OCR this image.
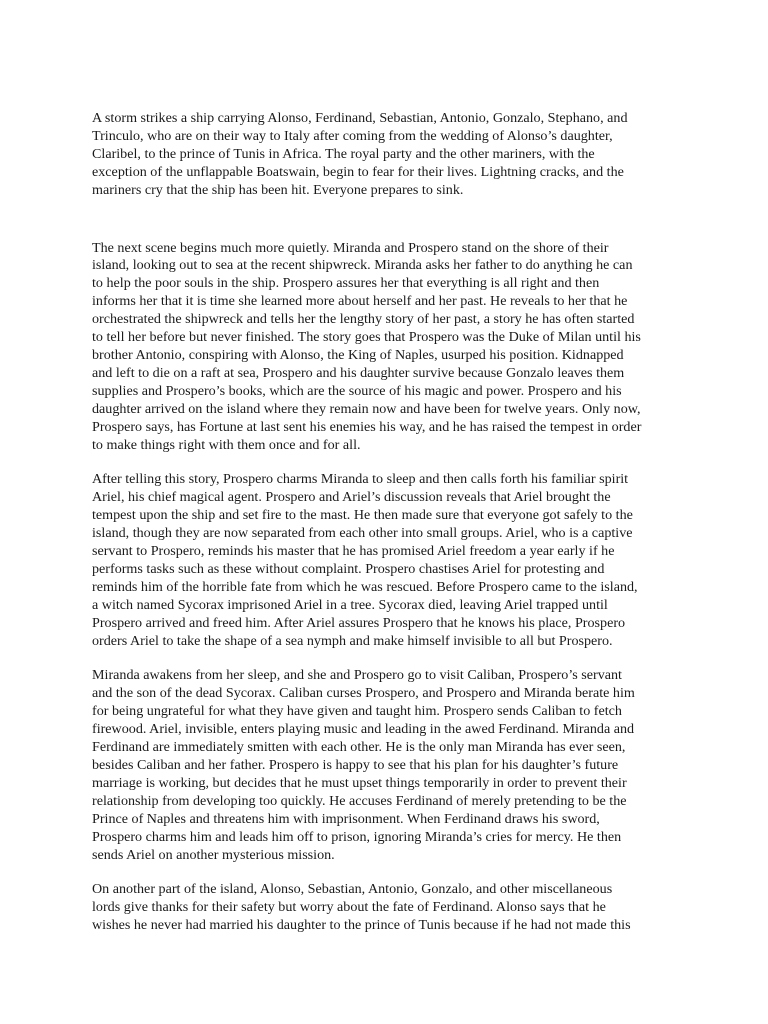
A storm strikes a ship carrying Alonso, Ferdinand, Sebastian, Antonio, Gonzalo, Stephano, and
Trinculo, who are on their way to Italy after coming from the wedding of Alonso’s daughter,
Claribel, to the prince of Tunis in Africa. The royal party and the other mariners, with the
exception of the unflappable Boatswain, begin to fear for their lives. Lightning cracks, and the
mariners cry that the ship has been hit. Everyone prepares to sink.

The next scene begins much more quietly. Miranda and Prospero stand on the shore of their
island, looking out to sea at the recent shipwreck. Miranda asks her father to do anything he can
to help the poor souls in the ship. Prospero assures her that everything is all right and then
informs her that it is time she learned more about herself and her past. He reveals to her that he
orchestrated the shipwreck and tells her the lengthy story of her past, a story he has often started
to tell her before but never finished. The story goes that Prospero was the Duke of Milan until his
brother Antonio, conspiring with Alonso, the King of Naples, usurped his position. Kidnapped
and left to die on a raft at sea, Prospero and his daughter survive because Gonzalo leaves them
supplies and Prospero’s books, which are the source of his magic and power. Prospero and his
daughter arrived on the island where they remain now and have been for twelve years. Only now,
Prospero says, has Fortune at last sent his enemies his way, and he has raised the tempest in order
to make things right with them once and for all.

After telling this story, Prospero charms Miranda to sleep and then calls forth his familiar spirit
Ariel, his chief magical agent. Prospero and Ariel’s discussion reveals that Ariel brought the
tempest upon the ship and set fire to the mast. He then made sure that everyone got safely to the
island, though they are now separated from each other into small groups. Ariel, who is a captive
servant to Prospero, reminds his master that he has promised Ariel freedom a year early if he
performs tasks such as these without complaint. Prospero chastises Ariel for protesting and
reminds him of the horrible fate from which he was rescued. Before Prospero came to the island,
a witch named Sycorax imprisoned Ariel in a tree. Sycorax died, leaving Ariel trapped until
Prospero arrived and freed him. After Ariel assures Prospero that he knows his place, Prospero
orders Ariel to take the shape of a sea nymph and make himself invisible to all but Prospero.

Miranda awakens from her sleep, and she and Prospero go to visit Caliban, Prospero’s servant
and the son of the dead Sycorax. Caliban curses Prospero, and Prospero and Miranda berate him
for being ungrateful for what they have given and taught him. Prospero sends Caliban to fetch
firewood. Ariel, invisible, enters playing music and leading in the awed Ferdinand. Miranda and
Ferdinand are immediately smitten with each other. He is the only man Miranda has ever seen,
besides Caliban and her father. Prospero is happy to see that his plan for his daughter’s future
marriage is working, but decides that he must upset things temporarily in order to prevent their
relationship from developing too quickly. He accuses Ferdinand of merely pretending to be the
Prince of Naples and threatens him with imprisonment. When Ferdinand draws his sword,
Prospero charms him and leads him off to prison, ignoring Miranda’s cries for mercy. He then
sends Ariel on another mysterious mission.

On another part of the island, Alonso, Sebastian, Antonio, Gonzalo, and other miscellaneous
lords give thanks for their safety but worry about the fate of Ferdinand. Alonso says that he
wishes he never had married his daughter to the prince of Tunis because if he had not made this
